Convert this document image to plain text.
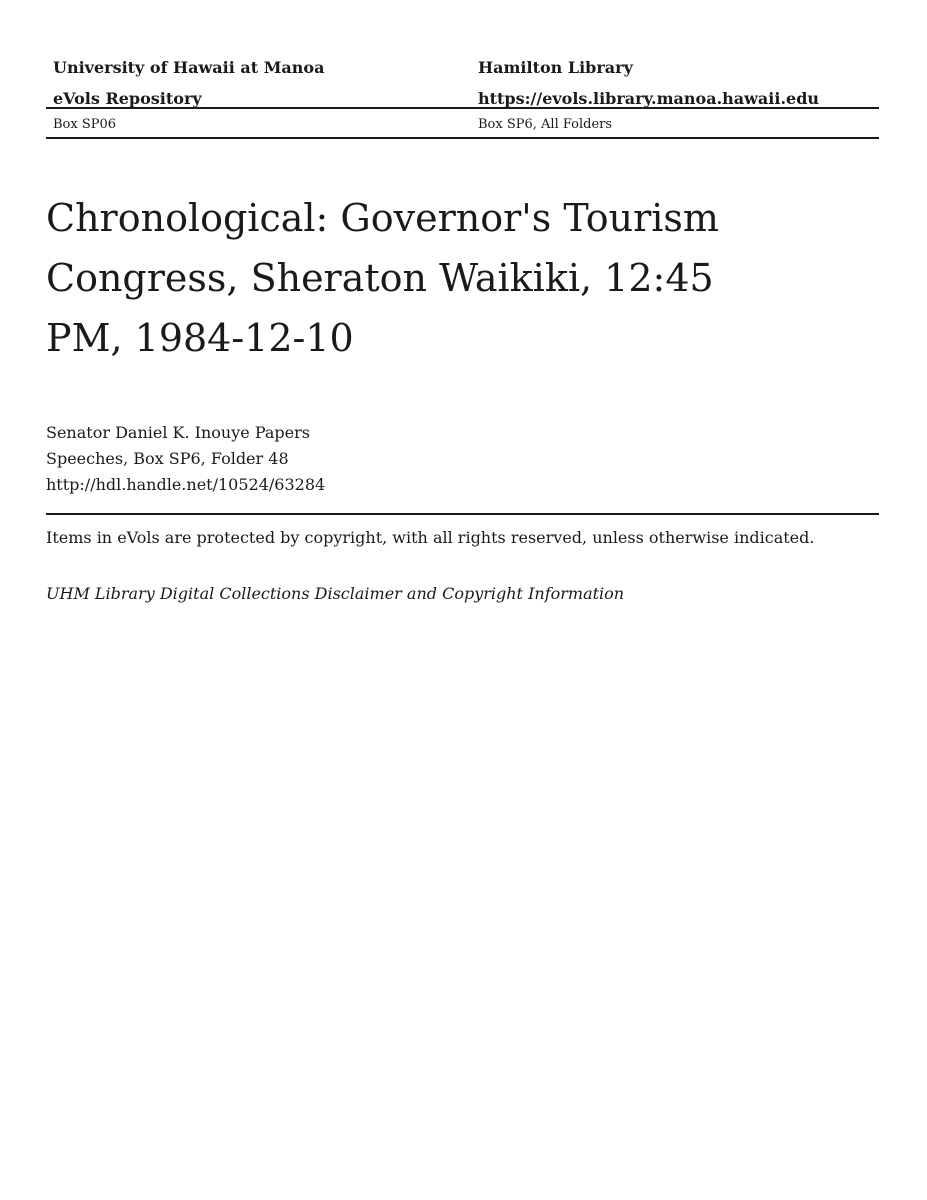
University of Hawaii at Manoa	Hamilton Library
eVols Repository	https://evols.library.manoa.hawaii.edu
Box SP06	Box SP6, All Folders
Chronological: Governor's Tourism Congress, Sheraton Waikiki, 12:45 PM, 1984-12-10
Senator Daniel K. Inouye Papers
Speeches, Box SP6, Folder 48
http://hdl.handle.net/10524/63284
Items in eVols are protected by copyright, with all rights reserved, unless otherwise indicated.
UHM Library Digital Collections Disclaimer and Copyright Information
